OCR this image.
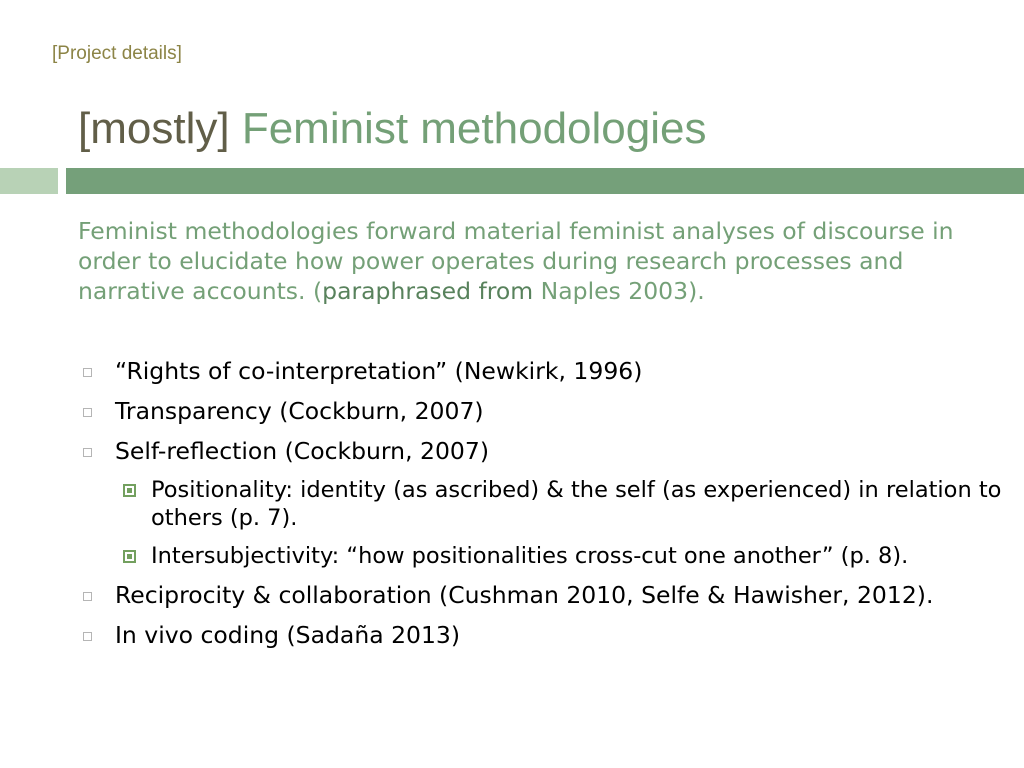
[Project details]
[mostly] Feminist methodologies

Feminist methodologies forward material feminist analyses of discourse in order to elucidate how power operates during research processes and narrative accounts. (paraphrased from Naples 2003).

“Rights of co-interpretation” (Newkirk, 1996)
Transparency (Cockburn, 2007)
Self-reflection (Cockburn, 2007)
Positionality: identity (as ascribed) & the self (as experienced) in relation to others (p. 7).
Intersubjectivity: “how positionalities cross-cut one another” (p. 8).
Reciprocity & collaboration (Cushman 2010, Selfe & Hawisher, 2012).
In vivo coding (Sadaña 2013)
